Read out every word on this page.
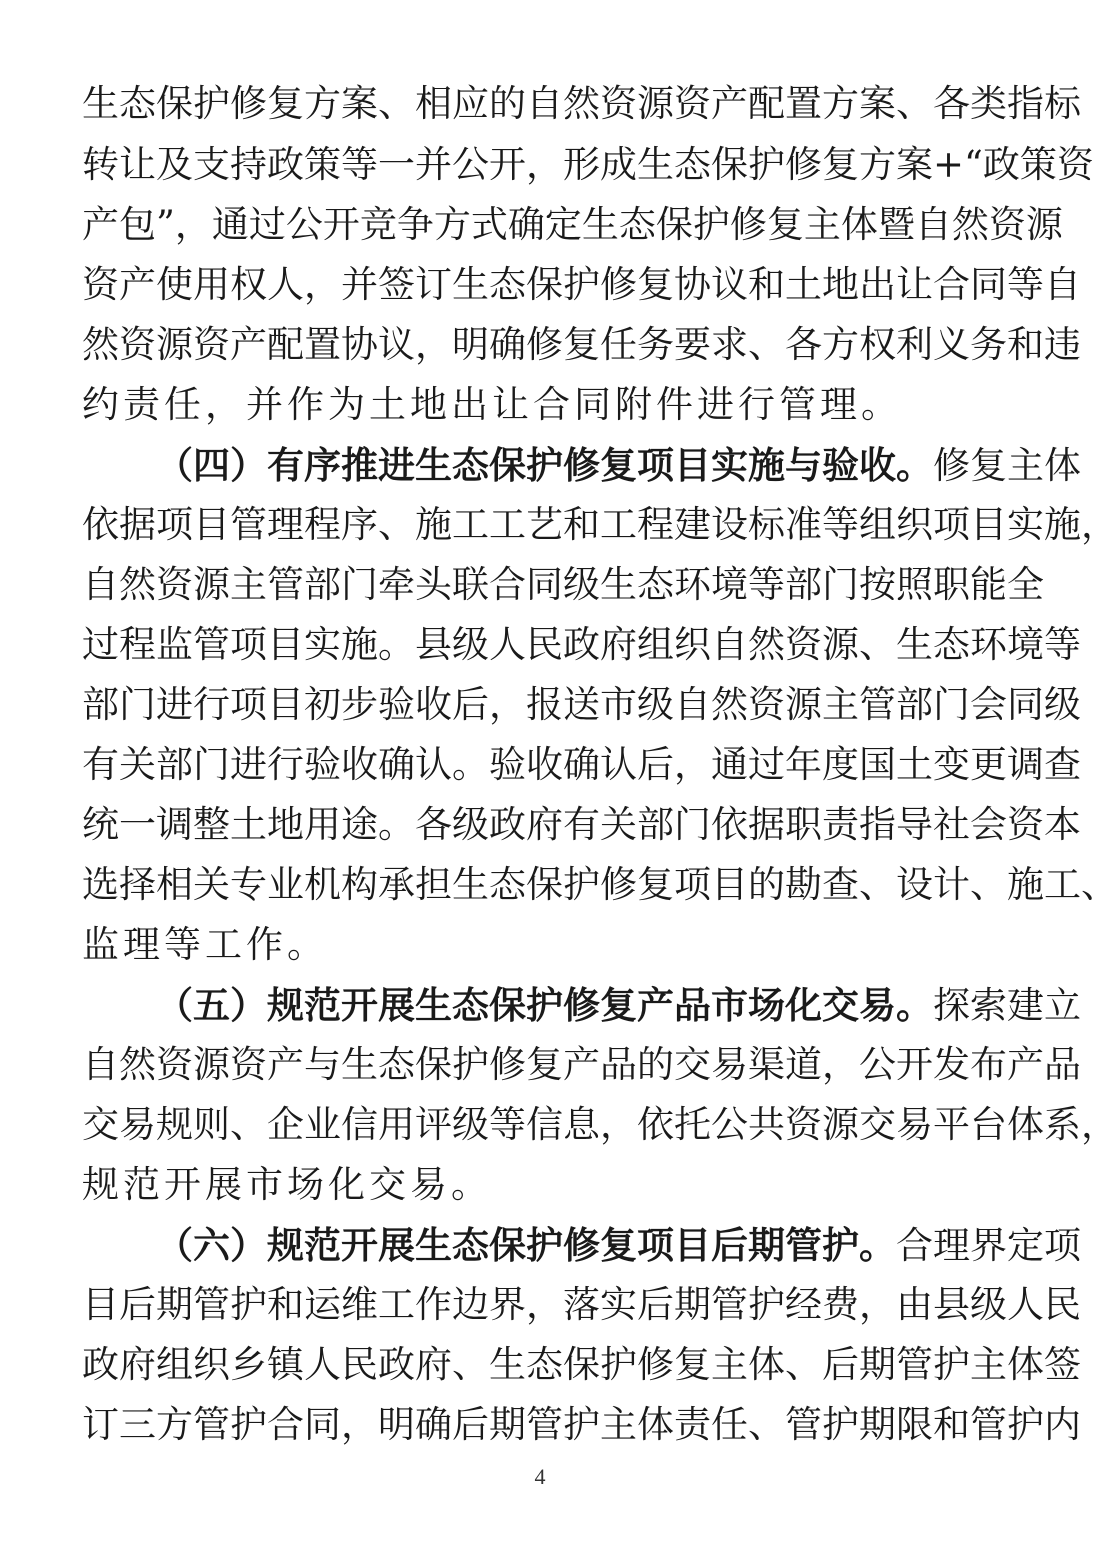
生态保护修复方案、相应的自然资源资产配置方案、各类指标
转让及支持政策等一并公开，形成生态保护修复方案+“政策资
产包”，通过公开竞争方式确定生态保护修复主体暨自然资源
资产使用权人，并签订生态保护修复协议和土地出让合同等自
然资源资产配置协议，明确修复任务要求、各方权利义务和违
约责任，并作为土地出让合同附件进行管理。
（四）有序推进生态保护修复项目实施与验收。修复主体
依据项目管理程序、施工工艺和工程建设标准等组织项目实施，
自然资源主管部门牵头联合同级生态环境等部门按照职能全
过程监管项目实施。县级人民政府组织自然资源、生态环境等
部门进行项目初步验收后，报送市级自然资源主管部门会同级
有关部门进行验收确认。验收确认后，通过年度国土变更调查
统一调整土地用途。各级政府有关部门依据职责指导社会资本
选择相关专业机构承担生态保护修复项目的勘查、设计、施工、
监理等工作。
（五）规范开展生态保护修复产品市场化交易。探索建立
自然资源资产与生态保护修复产品的交易渠道，公开发布产品
交易规则、企业信用评级等信息，依托公共资源交易平台体系，
规范开展市场化交易。
（六）规范开展生态保护修复项目后期管护。合理界定项
目后期管护和运维工作边界，落实后期管护经费，由县级人民
政府组织乡镇人民政府、生态保护修复主体、后期管护主体签
订三方管护合同，明确后期管护主体责任、管护期限和管护内
4
